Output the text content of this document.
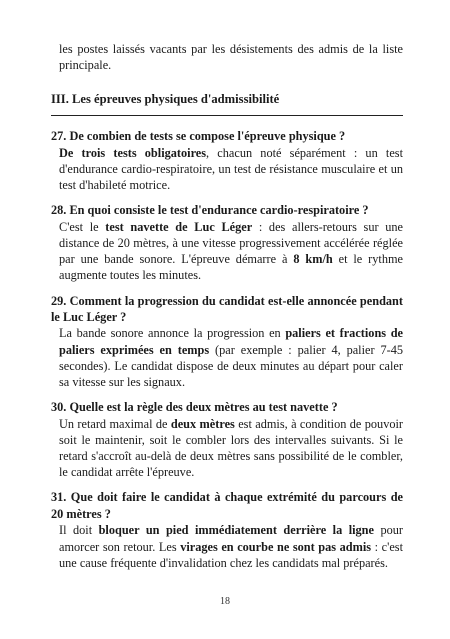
les postes laissés vacants par les désistements des admis de la liste principale.

III. Les épreuves physiques d'admissibilité
27. De combien de tests se compose l'épreuve physique ?

De trois tests obligatoires, chacun noté séparément : un test d'endurance cardio-respiratoire, un test de résistance musculaire et un test d'habileté motrice.

28. En quoi consiste le test d'endurance cardio-respiratoire ?

C'est le test navette de Luc Léger : des allers-retours sur une distance de 20 mètres, à une vitesse progressivement accélérée réglée par une bande sonore. L'épreuve démarre à 8 km/h et le rythme augmente toutes les minutes.

29. Comment la progression du candidat est-elle annoncée pendant le Luc Léger ?

La bande sonore annonce la progression en paliers et fractions de paliers exprimées en temps (par exemple : palier 4, palier 7-45 secondes). Le candidat dispose de deux minutes au départ pour caler sa vitesse sur les signaux.

30. Quelle est la règle des deux mètres au test navette ?

Un retard maximal de deux mètres est admis, à condition de pouvoir soit le maintenir, soit le combler lors des intervalles suivants. Si le retard s'accroît au-delà de deux mètres sans possibilité de le combler, le candidat arrête l'épreuve.

31. Que doit faire le candidat à chaque extrémité du parcours de 20 mètres ?

Il doit bloquer un pied immédiatement derrière la ligne pour amorcer son retour. Les virages en courbe ne sont pas admis : c'est une cause fréquente d'invalidation chez les candidats mal préparés.

18
